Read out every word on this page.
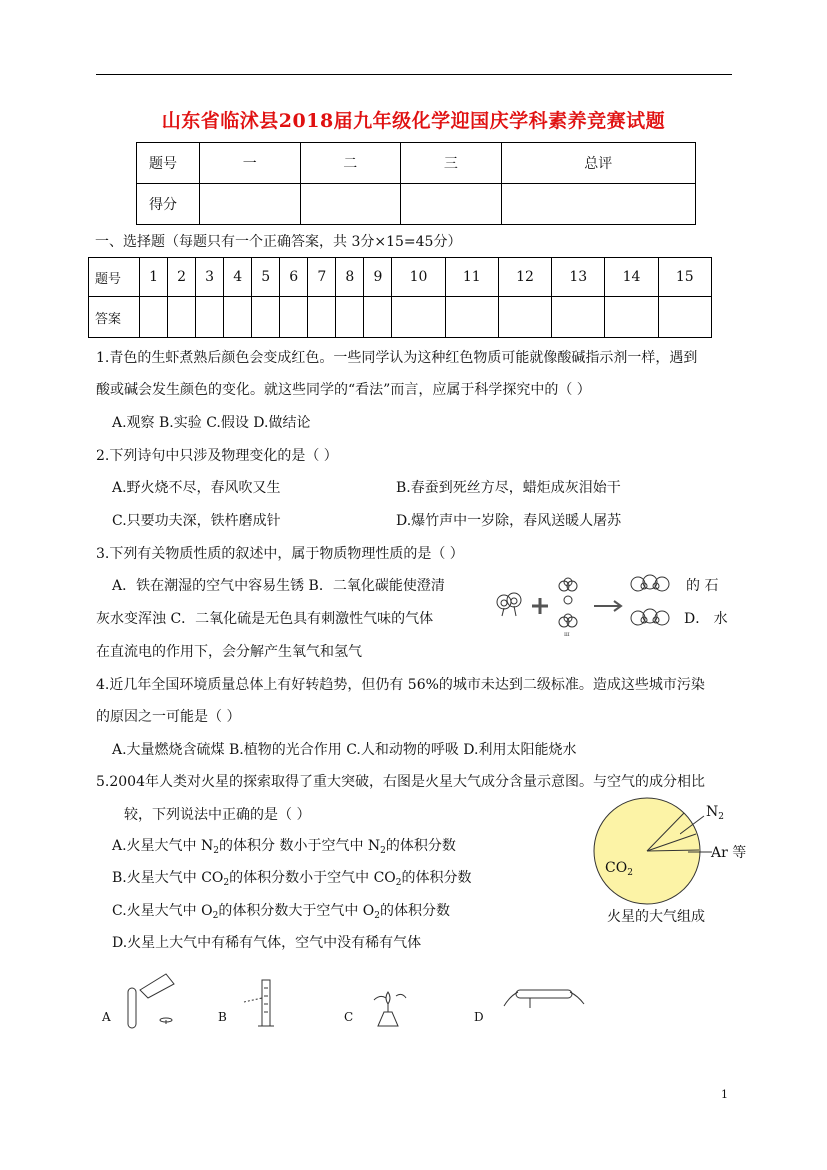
山东省临沭县2018届九年级化学迎国庆学科素养竞赛试题
题号	一	二	三	总评
得分				
一、选择题（每题只有一个正确答案，共 3分×15=45分）
题号	1	2	3	4	5	6	7	8	9	10	11	12	13	14	15
答案															
1.青色的生虾煮熟后颜色会变成红色。一些同学认为这种红色物质可能就像酸碱指示剂一样，遇到
酸或碱会发生颜色的变化。就这些同学的“看法”而言，应属于科学探究中的（ ）
A.观察 B.实验 C.假设 D.做结论
2.下列诗句中只涉及物理变化的是（ ）
A.野火烧不尽，春风吹又生	B.春蚕到死丝方尽，蜡炬成灰泪始干
C.只要功夫深，铁杵磨成针	D.爆竹声中一岁除，春风送暖人屠苏
3.下列有关物质性质的叙述中，属于物质物理性质的是（ ）
A．铁在潮湿的空气中容易生锈 B．二氧化碳能使澄清	的 石
灰水变浑浊 C．二氧化硫是无色具有刺激性气味的气体	D． 水
在直流电的作用下，会分解产生氧气和氢气
Ш
4.近几年全国环境质量总体上有好转趋势，但仍有 56%的城市未达到二级标准。造成这些城市污染
的原因之一可能是（ ）
A.大量燃烧含硫煤 B.植物的光合作用 C.人和动物的呼吸 D.利用太阳能烧水
5.2004年人类对火星的探索取得了重大突破，右图是火星大气成分含量示意图。与空气的成分相比
较，下列说法中正确的是（ ）
A.火星大气中 $N_2$的体积分 数小于空气中 $N_2$的体积分数
B.火星大气中 $CO_2$的体积分数小于空气中 $CO_2$的体积分数
C.火星大气中 $O_2$的体积分数大于空气中 $O_2$的体积分数
D.火星上大气中有稀有气体，空气中没有稀有气体
$N_2$
Ar 等
$CO_2$
火星的大气组成
A	B	C	D
1
